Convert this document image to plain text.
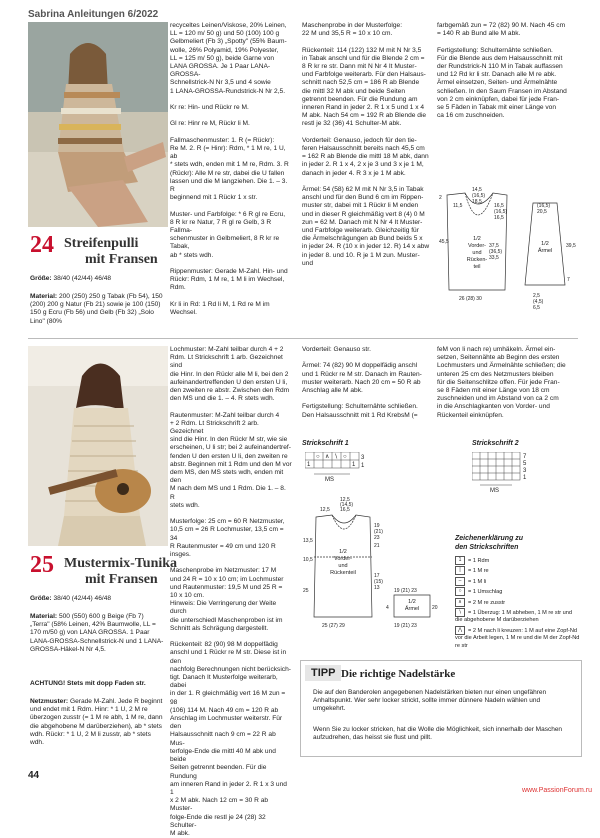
Sabrina Anleitungen 6/2022
24 Streifenpulli
mit Fransen
Größe: 38/40 (42/44) 46/48
Material: 200 (250) 250 g Tabak (Fb 54), 150 (200) 200 g Natur (Fb 21) sowie je 100 (150) 150 g Ecru (Fb 56) und Gelb (Fb 32) „Solo Lino" (80%
recyceltes Leinen/Viskose, 20% Leinen,
LL = 120 m/ 50 g) und 50 (100) 100 g
Gelbmeliert (Fb 3) „Spotty" (55% Baum-
wolle, 26% Polyamid, 19% Polyester,
LL = 125 m/ 50 g), beide Garne von
LANA GROSSA. Je 1 Paar LANA-GROSSA-
Schnellstrick-N Nr 3,5 und 4 sowie
1 LANA-GROSSA-Rundstrick-N Nr 2,5.
Kr re: Hin- und Rückr re M.
Gl re: Hinr re M, Rückr li M.
Fallmaschenmuster: 1. R (= Rückr):
Re M. 2. R (= Hinr): Rdm, * 1 M re, 1 U, ab
* stets wdh, enden mit 1 M re, Rdm. 3. R
(Rückr): Alle M re str, dabei die U fallen
lassen und die M langziehen. Die 1. – 3. R
beginnend mit 1 Rückr 1 x str.
Muster- und Farbfolge: * 6 R gl re Ecru,
8 R kr re Natur, 7 R gl re Gelb, 3 R Fallma-
schenmuster in Gelbmeliert, 8 R kr re Tabak,
ab * stets wdh.
Rippenmuster: Gerade M-Zahl. Hin- und
Rückr: Rdm, 1 M re, 1 M li im Wechsel, Rdm.
Kr li in Rd: 1 Rd li M, 1 Rd re M im Wechsel.
Maschenprobe in der Musterfolge:
22 M und 35,5 R = 10 x 10 cm.
Rückenteil: 114 (122) 132 M mit N Nr 3,5
in Tabak anschl und für die Blende 2 cm =
8 R kr re str. Dann mit N Nr 4 It Muster-
und Farbfolge weiterarb. Für den Halsaus-
schnitt nach 52,5 cm = 186 R ab Blende
die mittl 32 M abk und beide Seiten
getrennt beenden. Für die Rundung am
inneren Rand in jeder 2. R 1 x 5 und 1 x 4
M abk. Nach 54 cm = 192 R ab Blende die
restl je 32 (36) 41 Schulter-M abk.
Vorderteil: Genauso, jedoch für den tie-
feren Halsausschnitt bereits nach 45,5 cm
= 162 R ab Blende die mittl 18 M abk, dann
in jeder 2. R 1 x 4, 2 x je 3 und 3 x je 1 M,
danach in jeder 4. R 3 x je 1 M abk.
Ärmel: 54 (58) 62 M mit N Nr 3,5 in Tabak
anschl und für den Bund 6 cm im Rippen-
muster str, dabei mit 1 Rückr li M enden
und in dieser R gleichmäßig vert 8 (4) 0 M
zun = 62 M. Danach mit N Nr 4 It Muster-
und Farbfolge weiterarb. Gleichzeitig für
die Ärmelschrägungen ab Bund beids 5 x
in jeder 24. R (10 x in jeder 12. R) 14 x abw
in jeder 8. und 10. R je 1 M zun. Muster- und
farbgemäß zun = 72 (82) 90 M. Nach 45 cm
= 140 R ab Bund alle M abk.
Fertigstellung: Schulternähte schließen.
Für die Blende aus dem Halsausschnitt mit
der Rundstrick-N 110 M in Tabak auffassen
und 12 Rd kr li str. Danach alle M re abk.
Ärmel einsetzen, Seiten- und Ärmelnähte
schließen. In den Saum Fransen im Abstand
von 2 cm einknüpfen, dabei für jede Fran-
se 5 Fäden in Tabak mit einer Länge von
ca 16 cm zuschneiden.
14,5
(16,5)
18,5
11,5	16,5
(16,5)
(16,5)
20,5
16,5
45,5
37,5
(36,5)
33,5
26 (28) 30	2,5
(4,5)
6,5
39,5
2
7
1/2
Vorder-
und
Rücken-
teil
1/2
Ärmel
25 Mustermix-Tunika
mit Fransen
Größe: 38/40 (42/44) 46/48
Material: 500 (550) 600 g Beige (Fb 7) „Terra" (58% Leinen, 42% Baumwolle, LL = 170 m/50 g) von LANA GROSSA. 1 Paar LANA-GROSSA-Schnellstrick-N und 1 LANA-GROSSA-Häkel-N Nr 4,5.
ACHTUNG! Stets mit dopp Faden str.
Netzmuster: Gerade M-Zahl. Jede R beginnt und endet mit 1 Rdm. Hinr: * 1 U, 2 M re überzogen zusstr (= 1 M re abh, 1 M re, dann die abgehobene M darüberziehen), ab * stets wdh. Rückr: * 1 U, 2 M li zusstr, ab * stets wdh.
Lochmuster: M-Zahl teilbar durch 4 + 2
Rdm. Lt Strickschrift 1 arb. Gezeichnet sind
die Hinr. In den Rückr alle M li, bei den 2
aufeinandertreffenden U den ersten U li,
den zweiten re abstr. Zwischen den Rdm
den MS und die 1. – 4. R stets wdh.
Rautenmuster: M-Zahl teilbar durch 4
+ 2 Rdm. Lt Strickschrift 2 arb. Gezeichnet
sind die Hinr. In den Rückr M str, wie sie
erscheinen, U li str; bei 2 aufeinandertref-
fenden U den ersten U li, den zweiten re
abstr. Beginnen mit 1 Rdm und den M vor
dem MS, den MS stets wdh, enden mit den
M nach dem MS und 1 Rdm. Die 1. – 8. R
stets wdh.
Musterfolge: 25 cm = 60 R Netzmuster,
10,5 cm = 26 R Lochmuster, 13,5 cm = 34
R Rautenmuster = 49 cm und 120 R insges.
Maschenprobe im Netzmuster: 17 M
und 24 R = 10 x 10 cm; im Lochmuster
und Rautenmuster: 19,5 M und 25 R =
10 x 10 cm.
Hinweis: Die Verringerung der Weite durch
die unterschiedl Maschenproben ist im
Schnitt als Schrägung dargestellt.
Rückenteil: 82 (90) 98 M doppelfädig
anschl und 1 Rückr re M str. Diese ist in den
nachfolg Berechnungen nicht berücksich-
tigt. Danach It Musterfolge weiterarb, dabei
in der 1. R gleichmäßig vert 16 M zun = 98
(106) 114 M. Nach 49 cm = 120 R ab
Anschlag im Lochmuster weiterstr. Für den
Halsausschnitt nach 9 cm = 22 R ab Mus-
terfolge-Ende die mittl 40 M abk und beide
Seiten getrennt beenden. Für die Rundung
am inneren Rand in jeder 2. R 1 x 3 und 1
x 2 M abk. Nach 12 cm = 30 R ab Muster-
folge-Ende die restl je 24 (28) 32 Schulter-
M abk.
Vorderteil: Genauso str.
Ärmel: 74 (82) 90 M doppelfädig anschl
und 1 Rückr re M str. Danach im Rauten-
muster weiterarb. Nach 20 cm = 50 R ab
Anschlag alle M abk.
Fertigstellung: Schulternähte schließen.
Den Halsausschnitt mit 1 Rd KrebsM (=
feM von li nach re) umhäkeln. Ärmel ein-
setzen, Seitennähte ab Beginn des ersten
Lochmusters und Ärmelnähte schließen; die
unteren 25 cm des Netzmusters bleiben
für die Seitenschlitze offen. Für jede Fran-
se 8 Fäden mit einer Länge von 18 cm
zuschneiden und im Abstand von ca 2 cm
in die Anschlagkanten von Vorder- und
Rückenteil einknüpfen.
Strickschrift 1
3
1
MS
○ ∧ ∖ ○
1	1
Strickschrift 2
7
5
3
1
MS
12,5
(14,5)
16,5
12,5
19
(21)
23
21
13,5
10,5
17
(15)
13
25	19 (21) 23
25 (27) 29
4	20
19 (21) 23
1/2
Vorder-
und
Rückenteil
1/2
Ärmel
Zeichenerklärung zu
den Strickschriften
1 = 1 Rdm
| = 1 M re
– = 1 M li
○ = 1 Umschlag
∧ = 2 M re zusstr
∖ = 1 Überzug: 1 M abheben, 1 M re str und die abgehobene M darüberziehen
⋀ = 2 M nach li kreuzen: 1 M auf eine Zopf-Nd vor die Arbeit legen, 1 M re und die M der Zopf-Nd re str
TIPP Die richtige Nadelstärke
Die auf den Banderolen angegebenen Nadelstärken bieten nur einen ungefähren Anhaltspunkt. Wer sehr locker strickt, sollte immer dünnere Nadeln wählen und umgekehrt.
Wenn Sie zu locker stricken, hat die Wolle die Möglichkeit, sich innerhalb der Maschen aufzudrehen, das heisst sie flust und pillt.
44
www.PassionForum.ru
